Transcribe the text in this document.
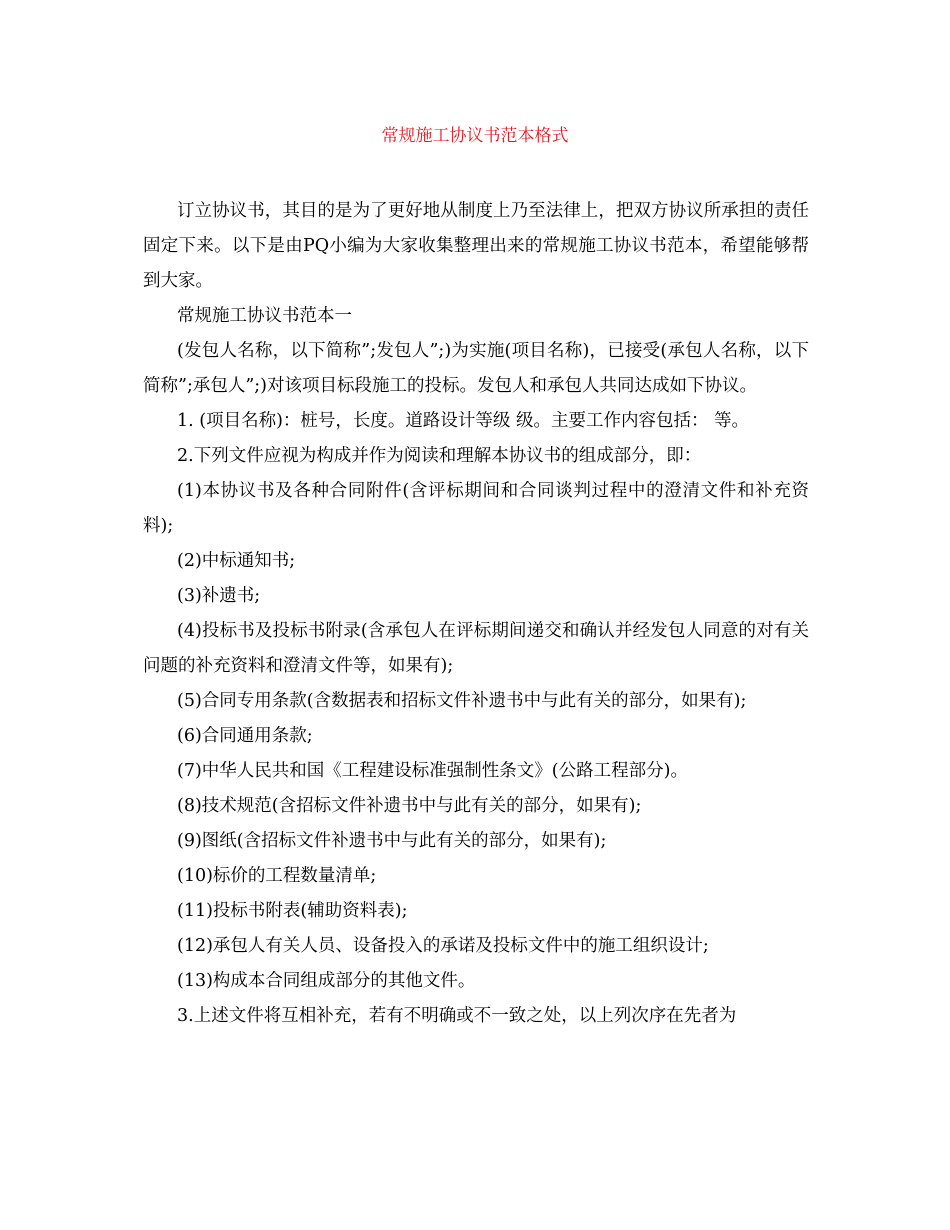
常规施工协议书范本格式

订立协议书，其目的是为了更好地从制度上乃至法律上，把双方协议所承担的责任固定下来。以下是由PQ小编为大家收集整理出来的常规施工协议书范本，希望能够帮到大家。

常规施工协议书范本一

(发包人名称，以下简称”;发包人”;)为实施(项目名称)，已接受(承包人名称，以下简称”;承包人”;)对该项目标段施工的投标。发包人和承包人共同达成如下协议。

1. (项目名称)：桩号，长度。道路设计等级 级。主要工作内容包括： 等。

2.下列文件应视为构成并作为阅读和理解本协议书的组成部分，即：

(1)本协议书及各种合同附件(含评标期间和合同谈判过程中的澄清文件和补充资料);

(2)中标通知书;

(3)补遗书;

(4)投标书及投标书附录(含承包人在评标期间递交和确认并经发包人同意的对有关问题的补充资料和澄清文件等，如果有);

(5)合同专用条款(含数据表和招标文件补遗书中与此有关的部分，如果有);

(6)合同通用条款;

(7)中华人民共和国《工程建设标准强制性条文》(公路工程部分)。

(8)技术规范(含招标文件补遗书中与此有关的部分，如果有);

(9)图纸(含招标文件补遗书中与此有关的部分，如果有);

(10)标价的工程数量清单;

(11)投标书附表(辅助资料表);

(12)承包人有关人员、设备投入的承诺及投标文件中的施工组织设计;

(13)构成本合同组成部分的其他文件。

3.上述文件将互相补充，若有不明确或不一致之处，以上列次序在先者为
